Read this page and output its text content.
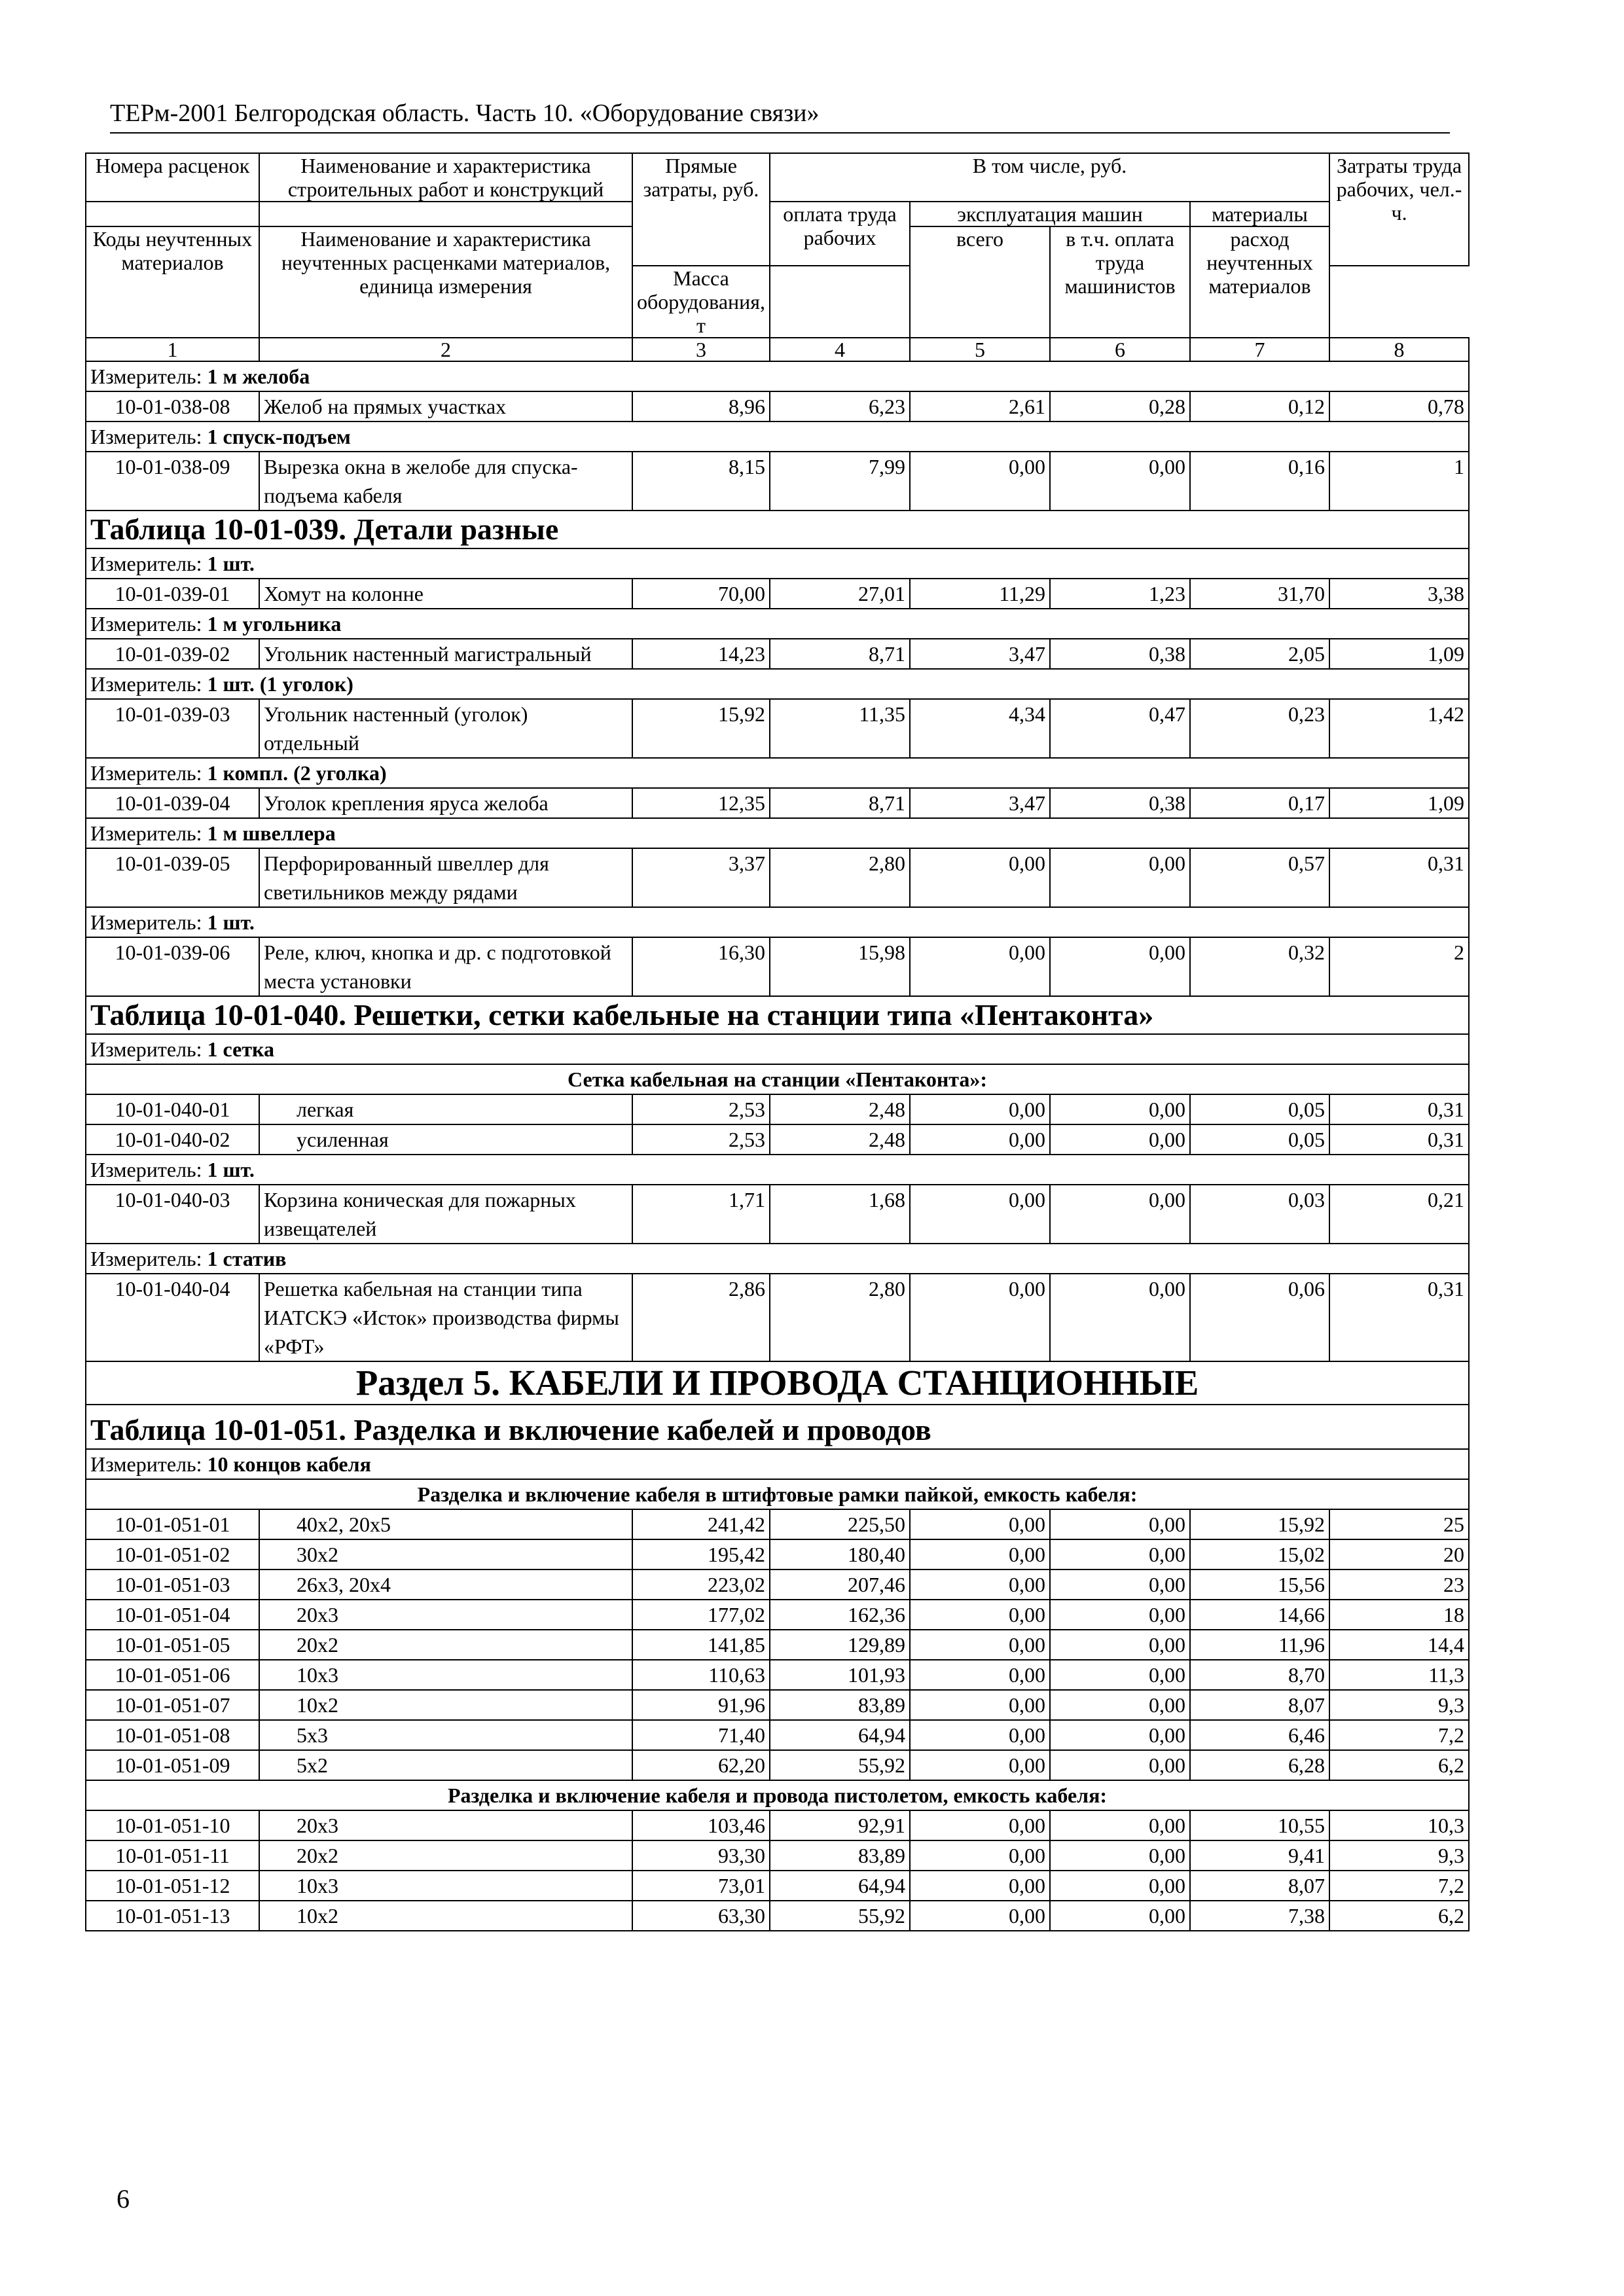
ТЕРм-2001 Белгородская область. Часть 10. «Оборудование связи»
Номера расценок	Наименование и характеристика строительных работ и конструкций	Прямые затраты, руб.	В том числе, руб.				Затраты труда рабочих, чел.-ч.
			оплата труда рабочих	эксплуатация машин		материалы	
Коды неучтенных материалов	Наименование и характеристика неучтенных расценками материалов, единица измерения			всего	в т.ч. оплата труда машинистов	расход неучтенных материалов	
		Масса оборудования, т					
1	2	3	4	5	6	7	8
Измеритель: 1 м желоба							
10-01-038-08	Желоб на прямых участках	8,96	6,23	2,61	0,28	0,12	0,78
Измеритель: 1 спуск-подъем							
10-01-038-09	Вырезка окна в желобе для спуска-подъема кабеля	8,15	7,99	0,00	0,00	0,16	1
Таблица 10-01-039. Детали разные							
Измеритель: 1 шт.							
10-01-039-01	Хомут на колонне	70,00	27,01	11,29	1,23	31,70	3,38
Измеритель: 1 м угольника							
10-01-039-02	Угольник настенный магистральный	14,23	8,71	3,47	0,38	2,05	1,09
Измеритель: 1 шт. (1 уголок)							
10-01-039-03	Угольник настенный (уголок) отдельный	15,92	11,35	4,34	0,47	0,23	1,42
Измеритель: 1 компл. (2 уголка)							
10-01-039-04	Уголок крепления яруса желоба	12,35	8,71	3,47	0,38	0,17	1,09
Измеритель: 1 м швеллера							
10-01-039-05	Перфорированный швеллер для светильников между рядами	3,37	2,80	0,00	0,00	0,57	0,31
Измеритель: 1 шт.							
10-01-039-06	Реле, ключ, кнопка и др. с подготовкой места установки	16,30	15,98	0,00	0,00	0,32	2
Таблица 10-01-040. Решетки, сетки кабельные на станции типа «Пентаконта»							
Измеритель: 1 сетка							
Сетка кабельная на станции «Пентаконта»:							
10-01-040-01	легкая	2,53	2,48	0,00	0,00	0,05	0,31
10-01-040-02	усиленная	2,53	2,48	0,00	0,00	0,05	0,31
Измеритель: 1 шт.							
10-01-040-03	Корзина коническая для пожарных извещателей	1,71	1,68	0,00	0,00	0,03	0,21
Измеритель: 1 статив							
10-01-040-04	Решетка кабельная на станции типа ИАТСКЭ «Исток» производства фирмы «РФТ»	2,86	2,80	0,00	0,00	0,06	0,31
Раздел 5. КАБЕЛИ И ПРОВОДА СТАНЦИОННЫЕ							
Таблица 10-01-051. Разделка и включение кабелей и проводов							
Измеритель: 10 концов кабеля							
Разделка и включение кабеля в штифтовые рамки пайкой, емкость кабеля:							
10-01-051-01	40х2, 20х5	241,42	225,50	0,00	0,00	15,92	25
10-01-051-02	30х2	195,42	180,40	0,00	0,00	15,02	20
10-01-051-03	26х3, 20х4	223,02	207,46	0,00	0,00	15,56	23
10-01-051-04	20х3	177,02	162,36	0,00	0,00	14,66	18
10-01-051-05	20х2	141,85	129,89	0,00	0,00	11,96	14,4
10-01-051-06	10х3	110,63	101,93	0,00	0,00	8,70	11,3
10-01-051-07	10х2	91,96	83,89	0,00	0,00	8,07	9,3
10-01-051-08	5х3	71,40	64,94	0,00	0,00	6,46	7,2
10-01-051-09	5х2	62,20	55,92	0,00	0,00	6,28	6,2
Разделка и включение кабеля и провода пистолетом, емкость кабеля:							
10-01-051-10	20х3	103,46	92,91	0,00	0,00	10,55	10,3
10-01-051-11	20х2	93,30	83,89	0,00	0,00	9,41	9,3
10-01-051-12	10х3	73,01	64,94	0,00	0,00	8,07	7,2
10-01-051-13	10х2	63,30	55,92	0,00	0,00	7,38	6,2
6
